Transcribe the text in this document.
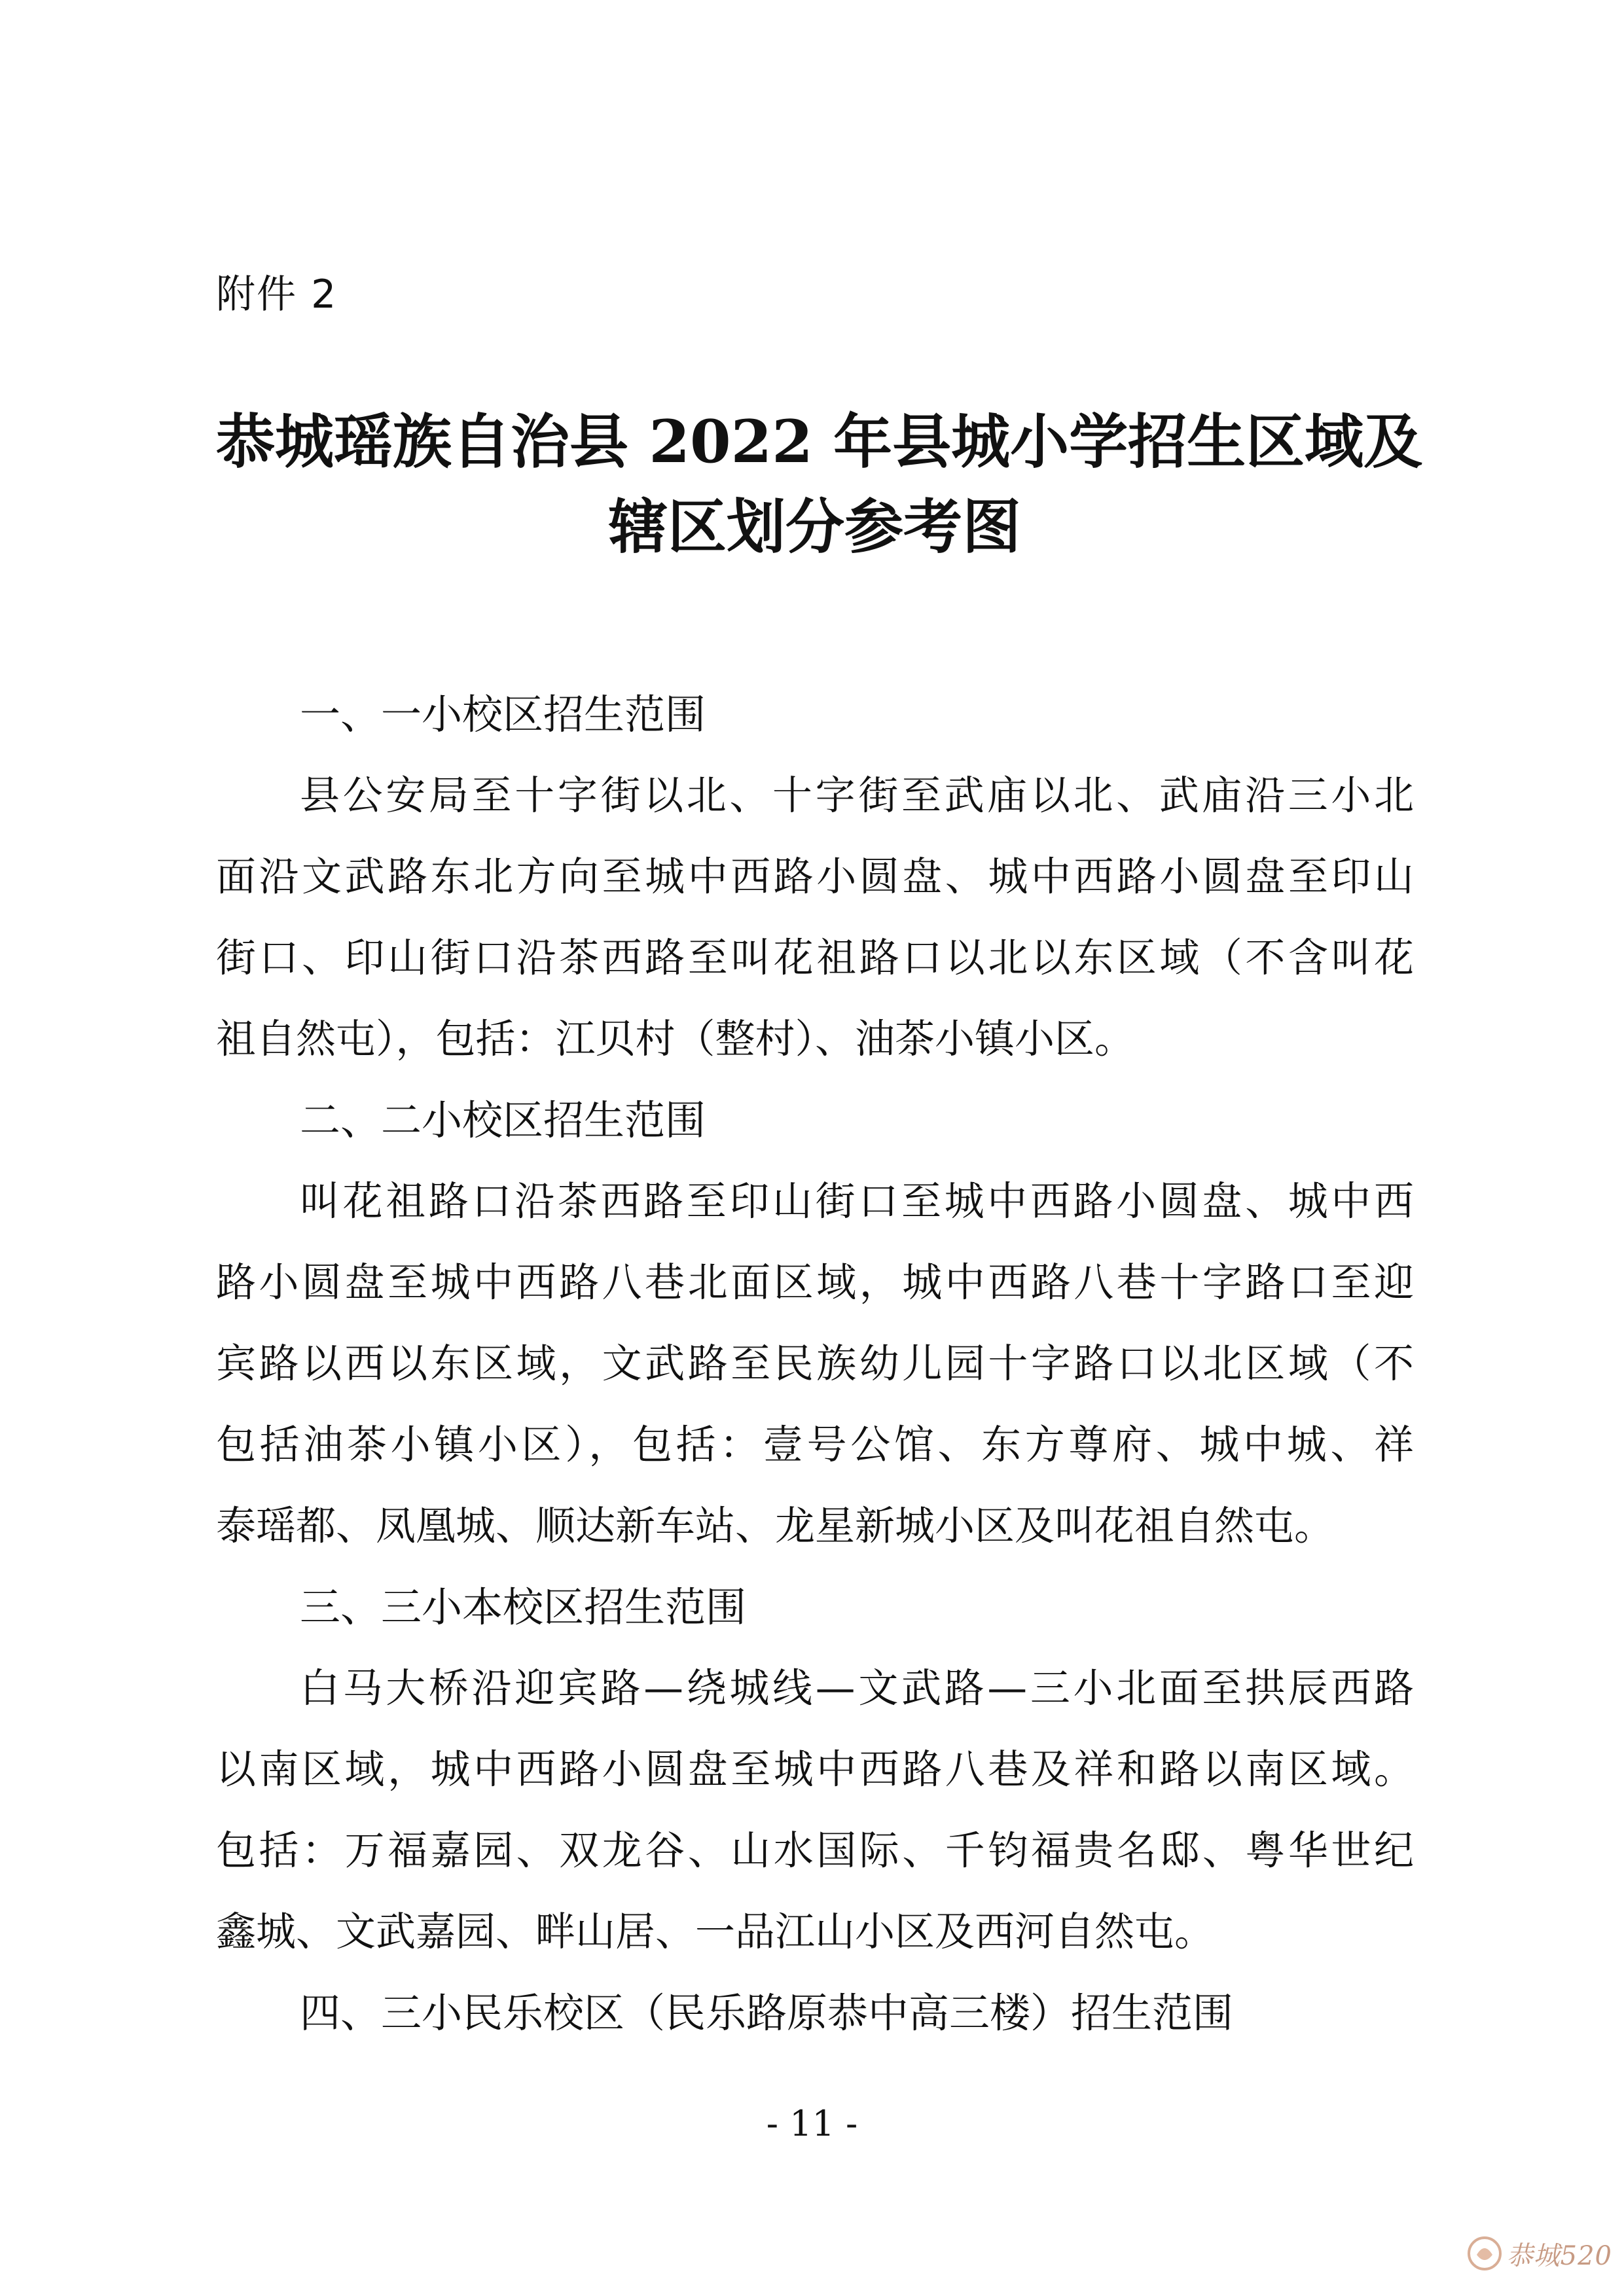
附件 2
恭城瑶族自治县 2022 年县城小学招生区域及
辖区划分参考图
一、一小校区招生范围
县公安局至十字街以北、十字街至武庙以北、武庙沿三小北
面沿文武路东北方向至城中西路小圆盘、城中西路小圆盘至印山
街口、印山街口沿茶西路至叫花祖路口以北以东区域（不含叫花
祖自然屯），包括：江贝村（整村）、油茶小镇小区。
二、二小校区招生范围
叫花祖路口沿茶西路至印山街口至城中西路小圆盘、城中西
路小圆盘至城中西路八巷北面区域，城中西路八巷十字路口至迎
宾路以西以东区域，文武路至民族幼儿园十字路口以北区域（不
包括油茶小镇小区），包括：壹号公馆、东方尊府、城中城、祥
泰瑶都、凤凰城、顺达新车站、龙星新城小区及叫花祖自然屯。
三、三小本校区招生范围
白马大桥沿迎宾路—绕城线—文武路—三小北面至拱辰西路
以南区域，城中西路小圆盘至城中西路八巷及祥和路以南区域。
包括：万福嘉园、双龙谷、山水国际、千钧福贵名邸、粤华世纪
鑫城、文武嘉园、畔山居、一品江山小区及西河自然屯。
四、三小民乐校区（民乐路原恭中高三楼）招生范围
- 11 -
恭城520
